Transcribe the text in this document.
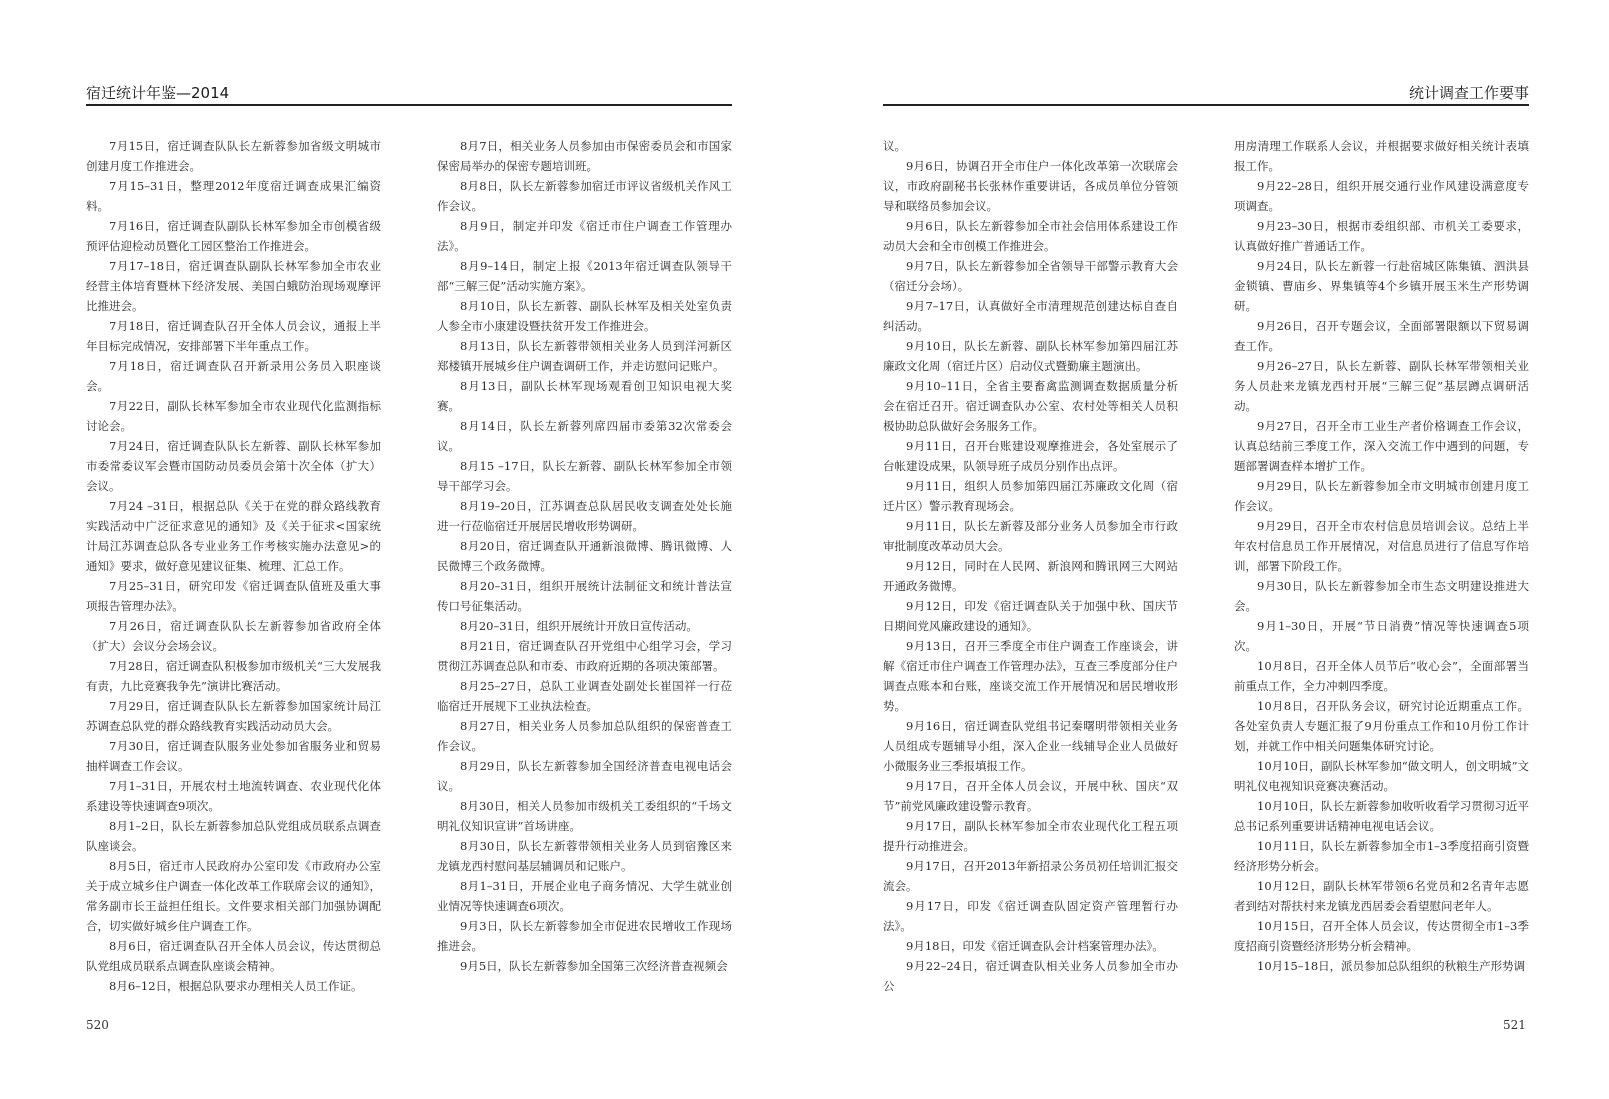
宿迁统计年鉴—2014

7月15日，宿迁调查队队长左新蓉参加省级文明城市创建月度工作推进会。

7月15–31日，整理2012年度宿迁调查成果汇编资料。

7月16日，宿迁调查队副队长林军参加全市创模省级预评估迎检动员暨化工园区整治工作推进会。

7月17–18日，宿迁调查队副队长林军参加全市农业经营主体培育暨林下经济发展、美国白蛾防治现场观摩评比推进会。

7月18日，宿迁调查队召开全体人员会议，通报上半年目标完成情况，安排部署下半年重点工作。

7月18日，宿迁调查队召开新录用公务员入职座谈会。

7月22日，副队长林军参加全市农业现代化监测指标讨论会。

7月24日，宿迁调查队队长左新蓉、副队长林军参加市委常委议军会暨市国防动员委员会第十次全体（扩大）会议。

7月24 –31日，根据总队《关于在党的群众路线教育实践活动中广泛征求意见的通知》及《关于征求<国家统计局江苏调查总队各专业业务工作考核实施办法意见>的通知》要求，做好意见建议征集、梳理、汇总工作。

7月25–31日，研究印发《宿迁调查队值班及重大事项报告管理办法》。

7月26日，宿迁调查队队长左新蓉参加省政府全体（扩大）会议分会场会议。

7月28日，宿迁调查队积极参加市级机关“三大发展我有责，九比竞赛我争先”演讲比赛活动。

7月29日，宿迁调查队队长左新蓉参加国家统计局江苏调查总队党的群众路线教育实践活动动员大会。

7月30日，宿迁调查队服务业处参加省服务业和贸易抽样调查工作会议。

7月1–31日，开展农村土地流转调查、农业现代化体系建设等快速调查9项次。

8月1–2日，队长左新蓉参加总队党组成员联系点调查队座谈会。

8月5日，宿迁市人民政府办公室印发《市政府办公室关于成立城乡住户调查一体化改革工作联席会议的通知》，常务副市长王益担任组长。文件要求相关部门加强协调配合，切实做好城乡住户调查工作。

8月6日，宿迁调查队召开全体人员会议，传达贯彻总队党组成员联系点调查队座谈会精神。

8月6–12日，根据总队要求办理相关人员工作证。

8月7日，相关业务人员参加由市保密委员会和市国家保密局举办的保密专题培训班。

8月8日，队长左新蓉参加宿迁市评议省级机关作风工作会议。

8月9日，制定并印发《宿迁市住户调查工作管理办法》。

8月9–14日，制定上报《2013年宿迁调查队领导干部“三解三促”活动实施方案》。

8月10日，队长左新蓉、副队长林军及相关处室负责人参全市小康建设暨扶贫开发工作推进会。

8月13日，队长左新蓉带领相关业务人员到洋河新区郑楼镇开展城乡住户调查调研工作，并走访慰问记账户。

8月13日，副队长林军现场观看创卫知识电视大奖赛。

8月14日，队长左新蓉列席四届市委第32次常委会议。

8月15 –17日，队长左新蓉、副队长林军参加全市领导干部学习会。

8月19–20日，江苏调查总队居民收支调查处处长施进一行莅临宿迁开展居民增收形势调研。

8月20日，宿迁调查队开通新浪微博、腾讯微博、人民微博三个政务微博。

8月20–31日，组织开展统计法制征文和统计普法宣传口号征集活动。

8月20–31日，组织开展统计开放日宣传活动。

8月21日，宿迁调查队召开党组中心组学习会，学习贯彻江苏调查总队和市委、市政府近期的各项决策部署。

8月25–27日，总队工业调查处副处长崔国祥一行莅临宿迁开展规下工业执法检查。

8月27日，相关业务人员参加总队组织的保密普查工作会议。

8月29日，队长左新蓉参加全国经济普查电视电话会议。

8月30日，相关人员参加市级机关工委组织的“千场文明礼仪知识宣讲”首场讲座。

8月30日，队长左新蓉带领相关业务人员到宿豫区来龙镇龙西村慰问基层辅调员和记账户。

8月1–31日，开展企业电子商务情况、大学生就业创业情况等快速调查6项次。

9月3日，队长左新蓉参加全市促进农民增收工作现场推进会。

9月5日，队长左新蓉参加全国第三次经济普查视频会

520
统计调查工作要事

议。

9月6日，协调召开全市住户一体化改革第一次联席会议，市政府副秘书长张林作重要讲话，各成员单位分管领导和联络员参加会议。

9月6日，队长左新蓉参加全市社会信用体系建设工作动员大会和全市创模工作推进会。

9月7日，队长左新蓉参加全省领导干部警示教育大会（宿迁分会场）。

9月7–17日，认真做好全市清理规范创建达标自查自纠活动。

9月10日，队长左新蓉、副队长林军参加第四届江苏廉政文化周（宿迁片区）启动仪式暨勤廉主题演出。

9月10–11日，全省主要畜禽监测调查数据质量分析会在宿迁召开。宿迁调查队办公室、农村处等相关人员积极协助总队做好会务服务工作。

9月11日，召开台账建设观摩推进会，各处室展示了台帐建设成果，队领导班子成员分别作出点评。

9月11日，组织人员参加第四届江苏廉政文化周（宿迁片区）警示教育现场会。

9月11日，队长左新蓉及部分业务人员参加全市行政审批制度改革动员大会。

9月12日，同时在人民网、新浪网和腾讯网三大网站开通政务微博。

9月12日，印发《宿迁调查队关于加强中秋、国庆节日期间党风廉政建设的通知》。

9月13日，召开三季度全市住户调查工作座谈会，讲解《宿迁市住户调查工作管理办法》，互查三季度部分住户调查点账本和台账，座谈交流工作开展情况和居民增收形势。

9月16日，宿迁调查队党组书记秦曙明带领相关业务人员组成专题辅导小组，深入企业一线辅导企业人员做好小微服务业三季报填报工作。

9月17日，召开全体人员会议，开展中秋、国庆“双节”前党风廉政建设警示教育。

9月17日，副队长林军参加全市农业现代化工程五项提升行动推进会。

9月17日，召开2013年新招录公务员初任培训汇报交流会。

9月17日，印发《宿迁调查队固定资产管理暂行办法》。

9月18日，印发《宿迁调查队会计档案管理办法》。

9月22–24日，宿迁调查队相关业务人员参加全市办公

用房清理工作联系人会议，并根据要求做好相关统计表填报工作。

9月22–28日，组织开展交通行业作风建设满意度专项调查。

9月23–30日，根据市委组织部、市机关工委要求，认真做好推广普通话工作。

9月24日，队长左新蓉一行赴宿城区陈集镇、泗洪县金锁镇、曹庙乡、界集镇等4个乡镇开展玉米生产形势调研。

9月26日，召开专题会议，全面部署限额以下贸易调查工作。

9月26–27日，队长左新蓉、副队长林军带领相关业务人员赴来龙镇龙西村开展“三解三促”基层蹲点调研活动。

9月27日，召开全市工业生产者价格调查工作会议，认真总结前三季度工作，深入交流工作中遇到的问题，专题部署调查样本增扩工作。

9月29日，队长左新蓉参加全市文明城市创建月度工作会议。

9月29日，召开全市农村信息员培训会议。总结上半年农村信息员工作开展情况，对信息员进行了信息写作培训，部署下阶段工作。

9月30日，队长左新蓉参加全市生态文明建设推进大会。

9月1–30日，开展“节日消费”情况等快速调查5项次。

10月8日，召开全体人员节后“收心会”，全面部署当前重点工作，全力冲刺四季度。

10月8日，召开队务会议，研究讨论近期重点工作。各处室负责人专题汇报了9月份重点工作和10月份工作计划，并就工作中相关问题集体研究讨论。

10月10日，副队长林军参加“做文明人，创文明城”文明礼仪电视知识竞赛决赛活动。

10月10日，队长左新蓉参加收听收看学习贯彻习近平总书记系列重要讲话精神电视电话会议。

10月11日，队长左新蓉参加全市1–3季度招商引资暨经济形势分析会。

10月12日，副队长林军带领6名党员和2名青年志愿者到结对帮扶村来龙镇龙西居委会看望慰问老年人。

10月15日，召开全体人员会议，传达贯彻全市1–3季度招商引资暨经济形势分析会精神。

10月15–18日，派员参加总队组织的秋粮生产形势调

521
